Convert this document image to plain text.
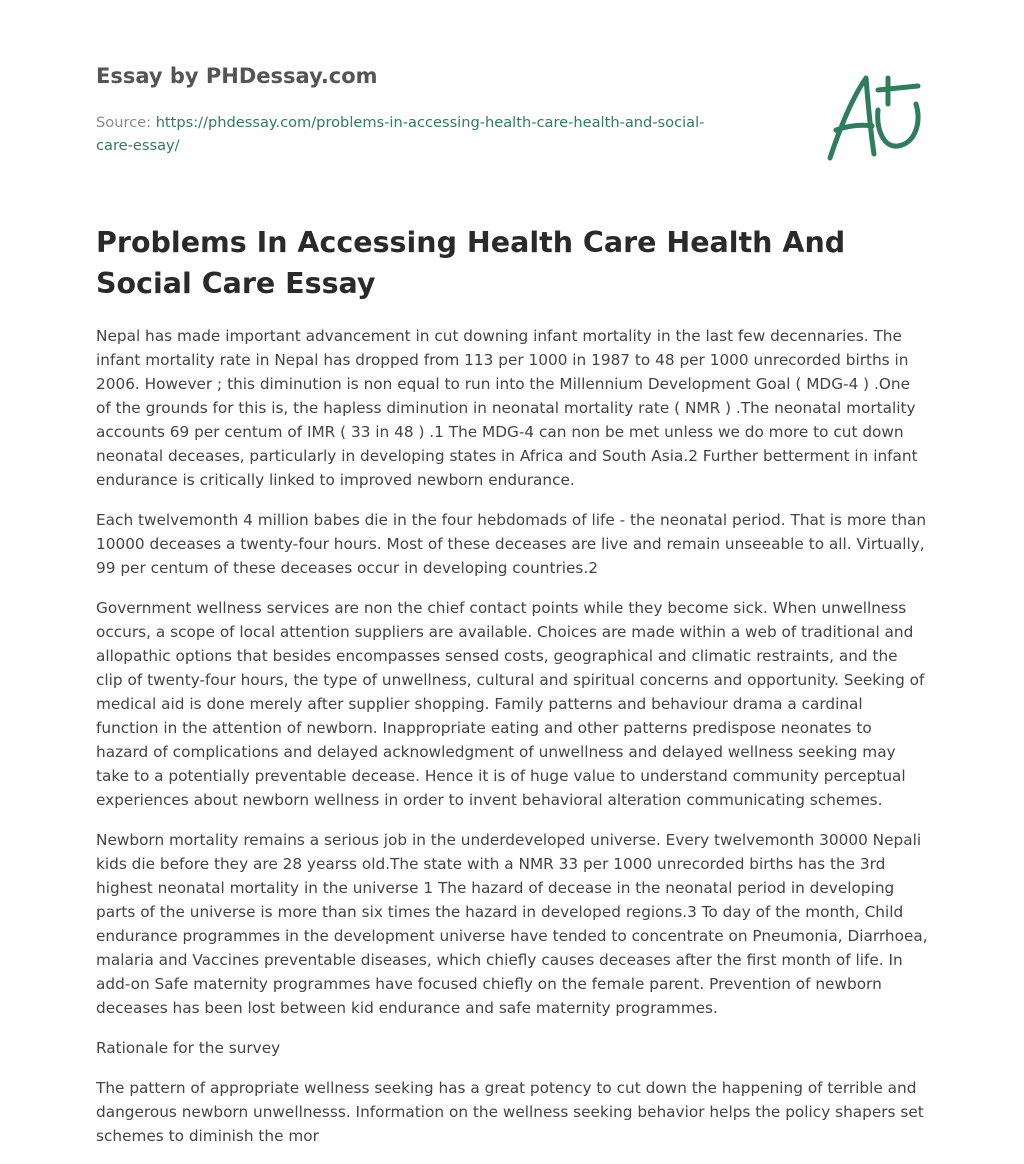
Essay by PHDessay.com
Source: https://phdessay.com/problems-in-accessing-health-care-health-and-social-care-essay/
Problems In Accessing Health Care Health And Social Care Essay

Nepal has made important advancement in cut downing infant mortality in the last few decennaries. The infant mortality rate in Nepal has dropped from 113 per 1000 in 1987 to 48 per 1000 unrecorded births in 2006. However ; this diminution is non equal to run into the Millennium Development Goal ( MDG-4 ) .One of the grounds for this is, the hapless diminution in neonatal mortality rate ( NMR ) .The neonatal mortality accounts 69 per centum of IMR ( 33 in 48 ) .1 The MDG-4 can non be met unless we do more to cut down neonatal deceases, particularly in developing states in Africa and South Asia.2 Further betterment in infant endurance is critically linked to improved newborn endurance.

Each twelvemonth 4 million babes die in the four hebdomads of life - the neonatal period. That is more than 10000 deceases a twenty-four hours. Most of these deceases are live and remain unseeable to all. Virtually, 99 per centum of these deceases occur in developing countries.2

Government wellness services are non the chief contact points while they become sick. When unwellness occurs, a scope of local attention suppliers are available. Choices are made within a web of traditional and allopathic options that besides encompasses sensed costs, geographical and climatic restraints, and the clip of twenty-four hours, the type of unwellness, cultural and spiritual concerns and opportunity. Seeking of medical aid is done merely after supplier shopping. Family patterns and behaviour drama a cardinal function in the attention of newborn. Inappropriate eating and other patterns predispose neonates to hazard of complications and delayed acknowledgment of unwellness and delayed wellness seeking may take to a potentially preventable decease. Hence it is of huge value to understand community perceptual experiences about newborn wellness in order to invent behavioral alteration communicating schemes.

Newborn mortality remains a serious job in the underdeveloped universe. Every twelvemonth 30000 Nepali kids die before they are 28 yearss old.The state with a NMR 33 per 1000 unrecorded births has the 3rd highest neonatal mortality in the universe 1 The hazard of decease in the neonatal period in developing parts of the universe is more than six times the hazard in developed regions.3 To day of the month, Child endurance programmes in the development universe have tended to concentrate on Pneumonia, Diarrhoea, malaria and Vaccines preventable diseases, which chiefly causes deceases after the first month of life. In add-on Safe maternity programmes have focused chiefly on the female parent. Prevention of newborn deceases has been lost between kid endurance and safe maternity programmes.

Rationale for the survey

The pattern of appropriate wellness seeking has a great potency to cut down the happening of terrible and dangerous newborn unwellnesss. Information on the wellness seeking behavior helps the policy shapers set schemes to diminish the mor
